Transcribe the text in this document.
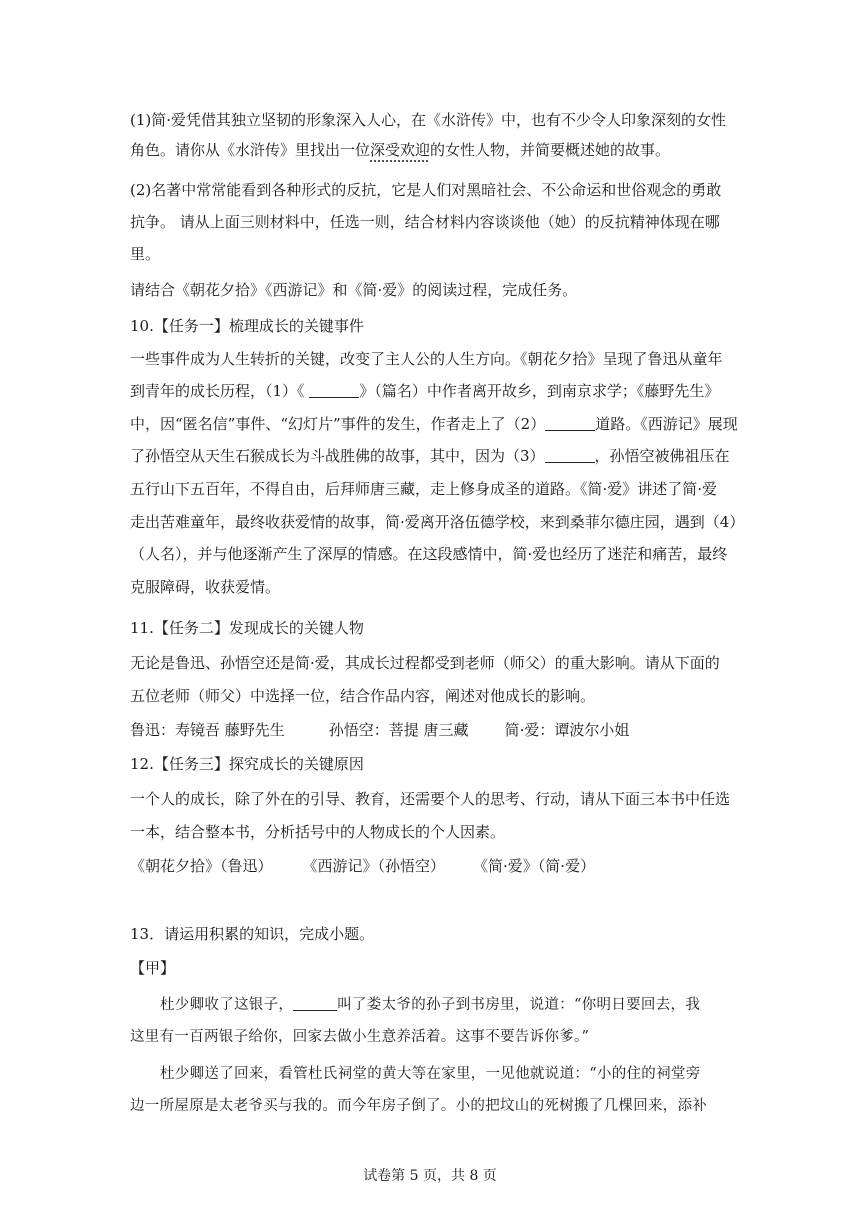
(1)简·爱凭借其独立坚韧的形象深入人心，在《水浒传》中，也有不少令人印象深刻的女性
角色。请你从《水浒传》里找出一位深受欢迎的女性人物，并简要概述她的故事。
(2)名著中常常能看到各种形式的反抗，它是人们对黑暗社会、不公命运和世俗观念的勇敢
抗争。 请从上面三则材料中，任选一则，结合材料内容谈谈他（她）的反抗精神体现在哪
里。
请结合《朝花夕拾》《西游记》和《简·爱》的阅读过程，完成任务。
10.【任务一】梳理成长的关键事件
一些事件成为人生转折的关键，改变了主人公的人生方向。《朝花夕拾》呈现了鲁迅从童年
到青年的成长历程，（1）《	》（篇名）中作者离开故乡，到南京求学；《藤野先生》
中，因“匿名信”事件、“幻灯片”事件的发生，作者走上了（2）	道路。《西游记》展现
了孙悟空从天生石猴成长为斗战胜佛的故事，其中，因为（3）	，孙悟空被佛祖压在
五行山下五百年，不得自由，后拜师唐三藏，走上修身成圣的道路。《简·爱》讲述了简·爱
走出苦难童年，最终收获爱情的故事，简·爱离开洛伍德学校，来到桑菲尔德庄园，遇到（4）
（人名），并与他逐渐产生了深厚的情感。在这段感情中，简·爱也经历了迷茫和痛苦，最终
克服障碍，收获爱情。
11.【任务二】发现成长的关键人物
无论是鲁迅、孙悟空还是简·爱，其成长过程都受到老师（师父）的重大影响。请从下面的
五位老师（师父）中选择一位，结合作品内容，阐述对他成长的影响。
鲁迅：寿镜吾 藤野先生	孙悟空：菩提 唐三藏 简·爱：谭波尔小姐
12.【任务三】探究成长的关键原因
一个人的成长，除了外在的引导、教育，还需要个人的思考、行动，请从下面三本书中任选
一本，结合整本书，分析括号中的人物成长的个人因素。
《朝花夕拾》（鲁迅） 《西游记》（孙悟空） 《简·爱》（简·爱）
13．请运用积累的知识，完成小题。
【甲】
杜少卿收了这银子，	叫了娄太爷的孙子到书房里，说道：“你明日要回去，我
这里有一百两银子给你，回家去做小生意养活着。这事不要告诉你爹。”
杜少卿送了回来，看管杜氏祠堂的黄大等在家里，一见他就说道：“小的住的祠堂旁
边一所屋原是太老爷买与我的。而今年房子倒了。小的把坟山的死树搬了几棵回来，添补
试卷第 5 页，共 8 页
